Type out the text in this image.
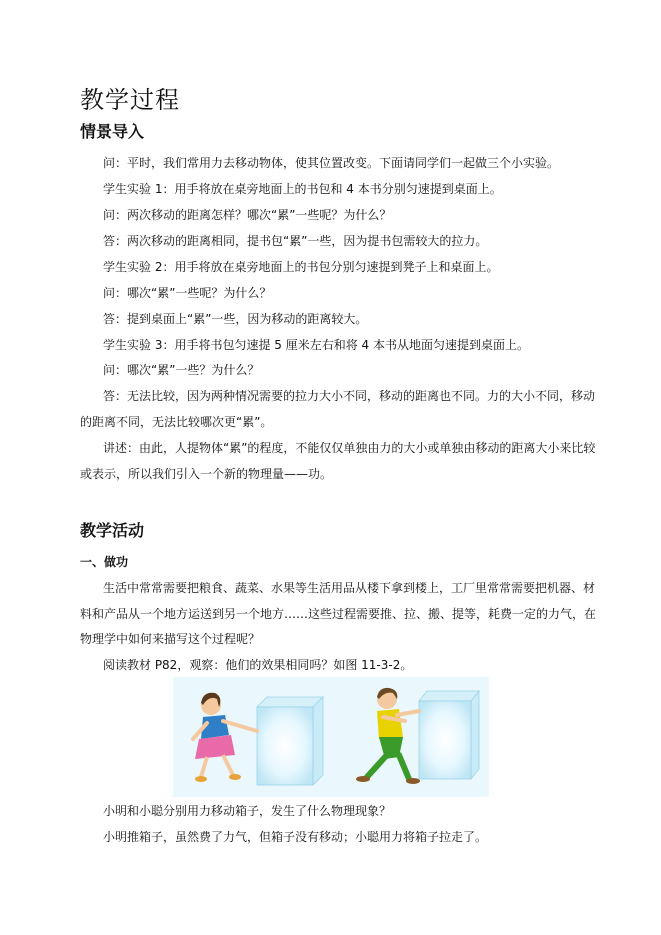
教学过程
情景导入
问：平时，我们常用力去移动物体，使其位置改变。下面请同学们一起做三个小实验。
学生实验 1：用手将放在桌旁地面上的书包和 4 本书分别匀速提到桌面上。
问：两次移动的距离怎样？哪次“累”一些呢？为什么？
答：两次移动的距离相同，提书包“累”一些，因为提书包需较大的拉力。
学生实验 2：用手将放在桌旁地面上的书包分别匀速提到凳子上和桌面上。
问：哪次“累”一些呢？为什么？
答：提到桌面上“累”一些，因为移动的距离较大。
学生实验 3：用手将书包匀速提 5 厘米左右和将 4 本书从地面匀速提到桌面上。
问：哪次“累”一些？为什么？
答：无法比较，因为两种情况需要的拉力大小不同，移动的距离也不同。力的大小不同，移动
的距离不同，无法比较哪次更“累”。
讲述：由此，人提物体“累”的程度，不能仅仅单独由力的大小或单独由移动的距离大小来比较
或表示，所以我们引入一个新的物理量——功。
教学活动
一、做功
生活中常常需要把粮食、蔬菜、水果等生活用品从楼下拿到楼上，工厂里常常需要把机器、材
料和产品从一个地方运送到另一个地方……这些过程需要推、拉、搬、提等，耗费一定的力气，在
物理学中如何来描写这个过程呢？
阅读教材 P82，观察：他们的效果相同吗？如图 11-3-2。
小明和小聪分别用力移动箱子，发生了什么物理现象？
小明推箱子，虽然费了力气，但箱子没有移动；小聪用力将箱子拉走了。
